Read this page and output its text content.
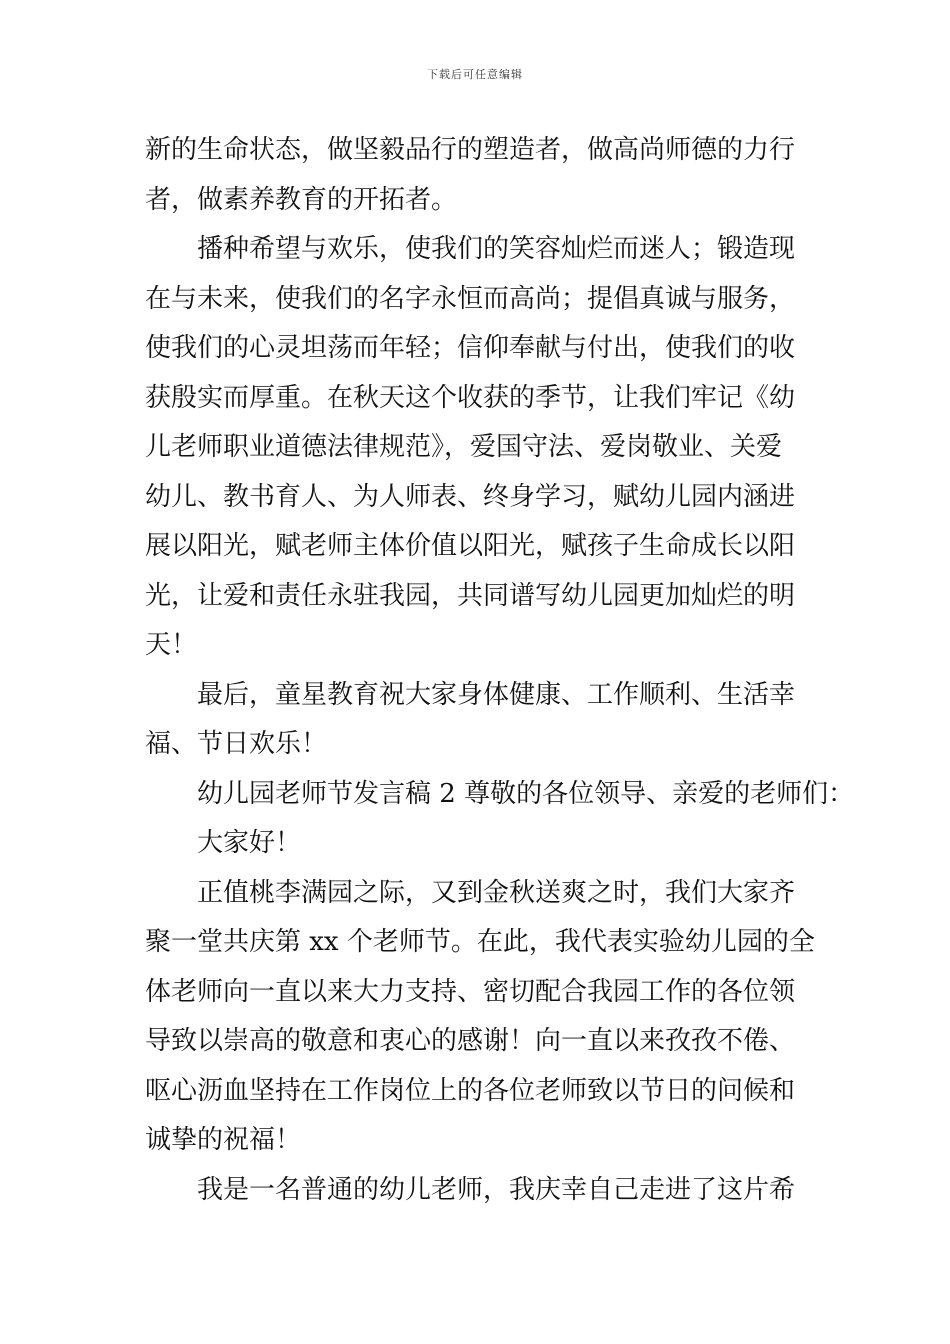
下载后可任意编辑
新的生命状态，做坚毅品行的塑造者，做高尚师德的力行
者，做素养教育的开拓者。
播种希望与欢乐，使我们的笑容灿烂而迷人；锻造现
在与未来，使我们的名字永恒而高尚；提倡真诚与服务，
使我们的心灵坦荡而年轻；信仰奉献与付出，使我们的收
获殷实而厚重。在秋天这个收获的季节，让我们牢记《幼
儿老师职业道德法律规范》，爱国守法、爱岗敬业、关爱
幼儿、教书育人、为人师表、终身学习，赋幼儿园内涵进
展以阳光，赋老师主体价值以阳光，赋孩子生命成长以阳
光，让爱和责任永驻我园，共同谱写幼儿园更加灿烂的明
天！
最后，童星教育祝大家身体健康、工作顺利、生活幸
福、节日欢乐！
幼儿园老师节发言稿 2 尊敬的各位领导、亲爱的老师们：
大家好！
正值桃李满园之际，又到金秋送爽之时，我们大家齐
聚一堂共庆第 xx 个老师节。在此，我代表实验幼儿园的全
体老师向一直以来大力支持、密切配合我园工作的各位领
导致以崇高的敬意和衷心的感谢！向一直以来孜孜不倦、
呕心沥血坚持在工作岗位上的各位老师致以节日的问候和
诚挚的祝福！
我是一名普通的幼儿老师，我庆幸自己走进了这片希
